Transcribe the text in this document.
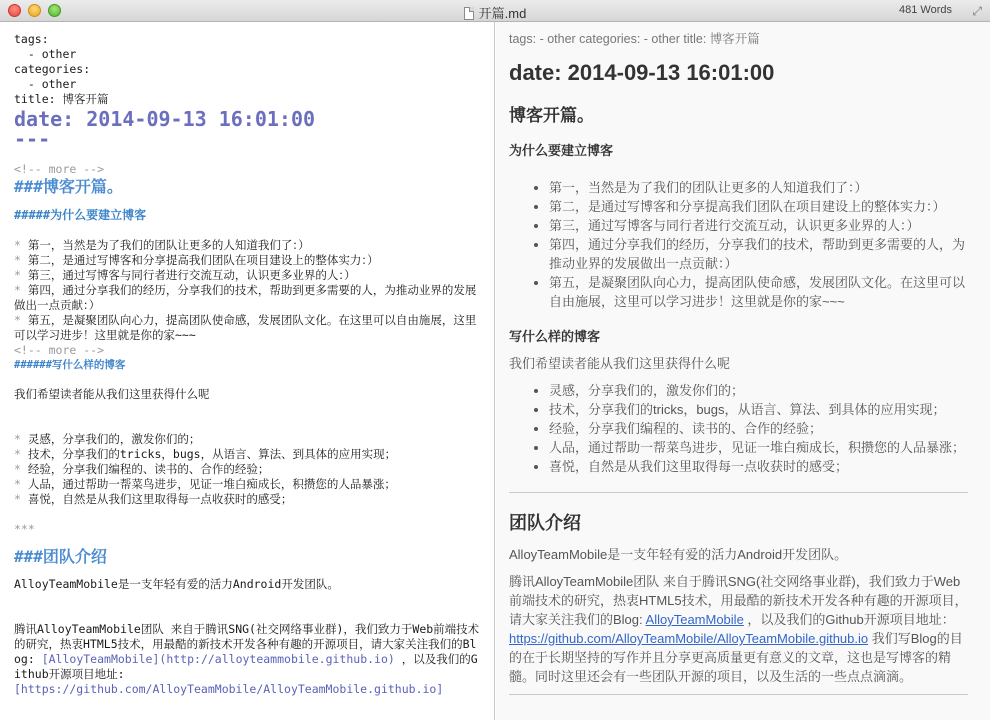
开篇.md	481 Words ⤢
tags:
- other
categories:
- other
title: 博客开篇
date: 2014-09-13 16:01:00
---
<!-- more -->
###博客开篇。
#####为什么要建立博客
* 第一，当然是为了我们的团队让更多的人知道我们了：）
* 第二，是通过写博客和分享提高我们团队在项目建设上的整体实力：）
* 第三，通过写博客与同行者进行交流互动，认识更多业界的人：）
* 第四，通过分享我们的经历，分享我们的技术，帮助到更多需要的人，为推动业界的发展做出一点贡献：）
* 第五，是凝聚团队向心力，提高团队使命感，发展团队文化。在这里可以自由施展，这里可以学习进步！这里就是你的家~~~
<!-- more -->
######写什么样的博客
我们希望读者能从我们这里获得什么呢
* 灵感，分享我们的，激发你们的；
* 技术，分享我们的tricks，bugs，从语言、算法、到具体的应用实现；
* 经验，分享我们编程的、读书的、合作的经验；
* 人品，通过帮助一帮菜鸟进步，见证一堆白痴成长，积攒您的人品暴涨；
* 喜悦，自然是从我们这里取得每一点收获时的感受；
***
###团队介绍
AlloyTeamMobile是一支年轻有爱的活力Android开发团队。
腾讯AlloyTeamMobile团队 来自于腾讯SNG(社交网络事业群)，我们致力于Web前端技术的研究，热衷HTML5技术，用最酷的新技术开发各种有趣的开源项目，请大家关注我们的Blog: [AlloyTeamMobile](http://alloyteammobile.github.io) ，以及我们的Github开源项目地址:
[https://github.com/AlloyTeamMobile/AlloyTeamMobile.github.io]
tags: - other categories: - other title: 博客开篇
date: 2014-09-13 16:01:00
博客开篇。
为什么要建立博客
• 第一，当然是为了我们的团队让更多的人知道我们了：）
• 第二，是通过写博客和分享提高我们团队在项目建设上的整体实力：）
• 第三，通过写博客与同行者进行交流互动，认识更多业界的人：）
• 第四，通过分享我们的经历，分享我们的技术，帮助到更多需要的人，为推动业界的发展做出一点贡献：）
• 第五，是凝聚团队向心力，提高团队使命感，发展团队文化。在这里可以自由施展，这里可以学习进步！这里就是你的家~~~
写什么样的博客

我们希望读者能从我们这里获得什么呢

• 灵感，分享我们的，激发你们的；
• 技术，分享我们的tricks，bugs，从语言、算法、到具体的应用实现；
• 经验，分享我们编程的、读书的、合作的经验；
• 人品，通过帮助一帮菜鸟进步，见证一堆白痴成长，积攒您的人品暴涨；
• 喜悦，自然是从我们这里取得每一点收获时的感受；
团队介绍

AlloyTeamMobile是一支年轻有爱的活力Android开发团队。

腾讯AlloyTeamMobile团队 来自于腾讯SNG(社交网络事业群)，我们致力于Web前端技术的研究，热衷HTML5技术，用最酷的新技术开发各种有趣的开源项目，请大家关注我们的Blog: AlloyTeamMobile ，以及我们的Github开源项目地址：https://github.com/AlloyTeamMobile/AlloyTeamMobile.github.io 我们写Blog的目的在于长期坚持的写作并且分享更高质量更有意义的文章，这也是写博客的精髓。同时这里还会有一些团队开源的项目，以及生活的一些点点滴滴。
